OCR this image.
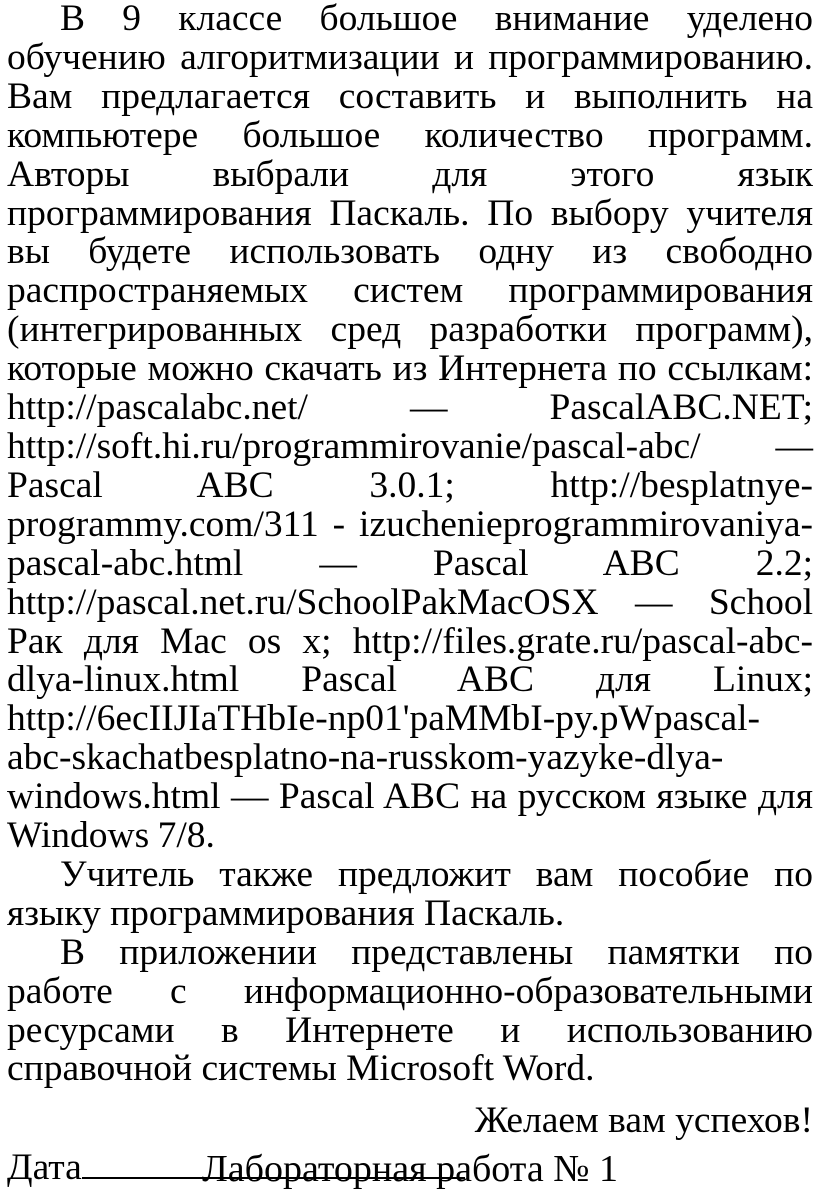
В 9 классе большое внимание уделено обучению алгоритмизации и программированию. Вам предлагается составить и выполнить на компьютере большое количество программ. Авторы выбрали для этого язык программирования Паскаль. По выбору учителя вы будете использовать одну из свободно распространяемых систем программирования (интегрированных сред разработки программ), которые можно скачать из Интернета по ссылкам: http://pascalabc.net/ — PascalABC.NET; http://soft.hi.ru/programmirovanie/pascal-abc/ — Pascal ABC 3.0.1; http://besplatnye-programmy.com/311 - izuchenieprogrammirovaniya-pascal-abc.html — Pascal ABC 2.2; http://pascal.net.ru/SchoolPakMacOSX — School Рак для Mac os x; http://files.grate.ru/pascal-abc-dlya-linux.html Pascal ABC для Linux; http://6ecIIJIaTHbIe-np01'paMMbI-py.pWpascal-abc-skachatbesplatno-na-russkom-yazyke-dlya-windows.html — Pascal ABC на русском языке для Windows 7/8.

Учитель также предложит вам пособие по языку программирования Паскаль.

В приложении представлены памятки по работе с информационно-образовательными ресурсами в Интернете и использованию справочной системы Microsoft Word.

Желаем вам успехов!

Дата	Лабораторная работа № 1
